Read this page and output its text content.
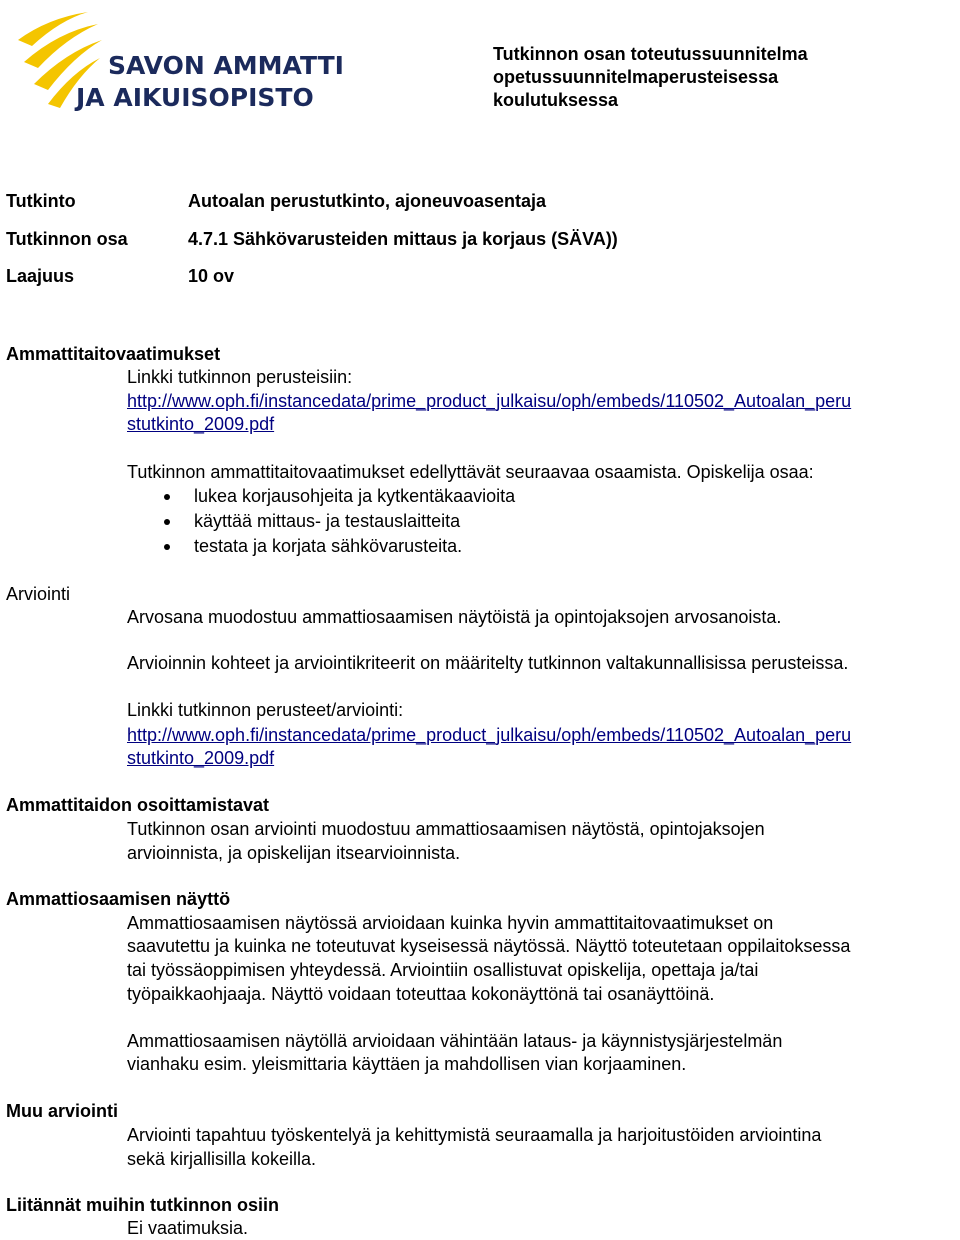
SAVON AMMATTI-
JA AIKUISOPISTO
Tutkinnon osan toteutussuunnitelma
opetussuunnitelmaperusteisessa
koulutuksessa
Tutkinto	Autoalan perustutkinto, ajoneuvoasentaja
Tutkinnon osa	4.7.1 Sähkövarusteiden mittaus ja korjaus (SÄVA))
Laajuus	10 ov
Ammattitaitovaatimukset
Linkki tutkinnon perusteisiin:
http://www.oph.fi/instancedata/prime_product_julkaisu/oph/embeds/110502_Autoalan_peru
stutkinto_2009.pdf
Tutkinnon ammattitaitovaatimukset edellyttävät seuraavaa osaamista. Opiskelija osaa:
lukea korjausohjeita ja kytkentäkaavioita
käyttää mittaus- ja testauslaitteita
testata ja korjata sähkövarusteita.
Arviointi
Arvosana muodostuu ammattiosaamisen näytöistä ja opintojaksojen arvosanoista.
Arvioinnin kohteet ja arviointikriteerit on määritelty tutkinnon valtakunnallisissa perusteissa.
Linkki tutkinnon perusteet/arviointi:
http://www.oph.fi/instancedata/prime_product_julkaisu/oph/embeds/110502_Autoalan_peru
stutkinto_2009.pdf
Ammattitaidon osoittamistavat
Tutkinnon osan arviointi muodostuu ammattiosaamisen näytöstä, opintojaksojen
arvioinnista, ja opiskelijan itsearvioinnista.
Ammattiosaamisen näyttö
Ammattiosaamisen näytössä arvioidaan kuinka hyvin ammattitaitovaatimukset on
saavutettu ja kuinka ne toteutuvat kyseisessä näytössä. Näyttö toteutetaan oppilaitoksessa
tai työssäoppimisen yhteydessä. Arviointiin osallistuvat opiskelija, opettaja ja/tai
työpaikkaohjaaja. Näyttö voidaan toteuttaa kokonäyttönä tai osanäyttöinä.
Ammattiosaamisen näytöllä arvioidaan vähintään lataus- ja käynnistysjärjestelmän
vianhaku esim. yleismittaria käyttäen ja mahdollisen vian korjaaminen.
Muu arviointi
Arviointi tapahtuu työskentelyä ja kehittymistä seuraamalla ja harjoitustöiden arviointina
sekä kirjallisilla kokeilla.
Liitännät muihin tutkinnon osiin
Ei vaatimuksia.
